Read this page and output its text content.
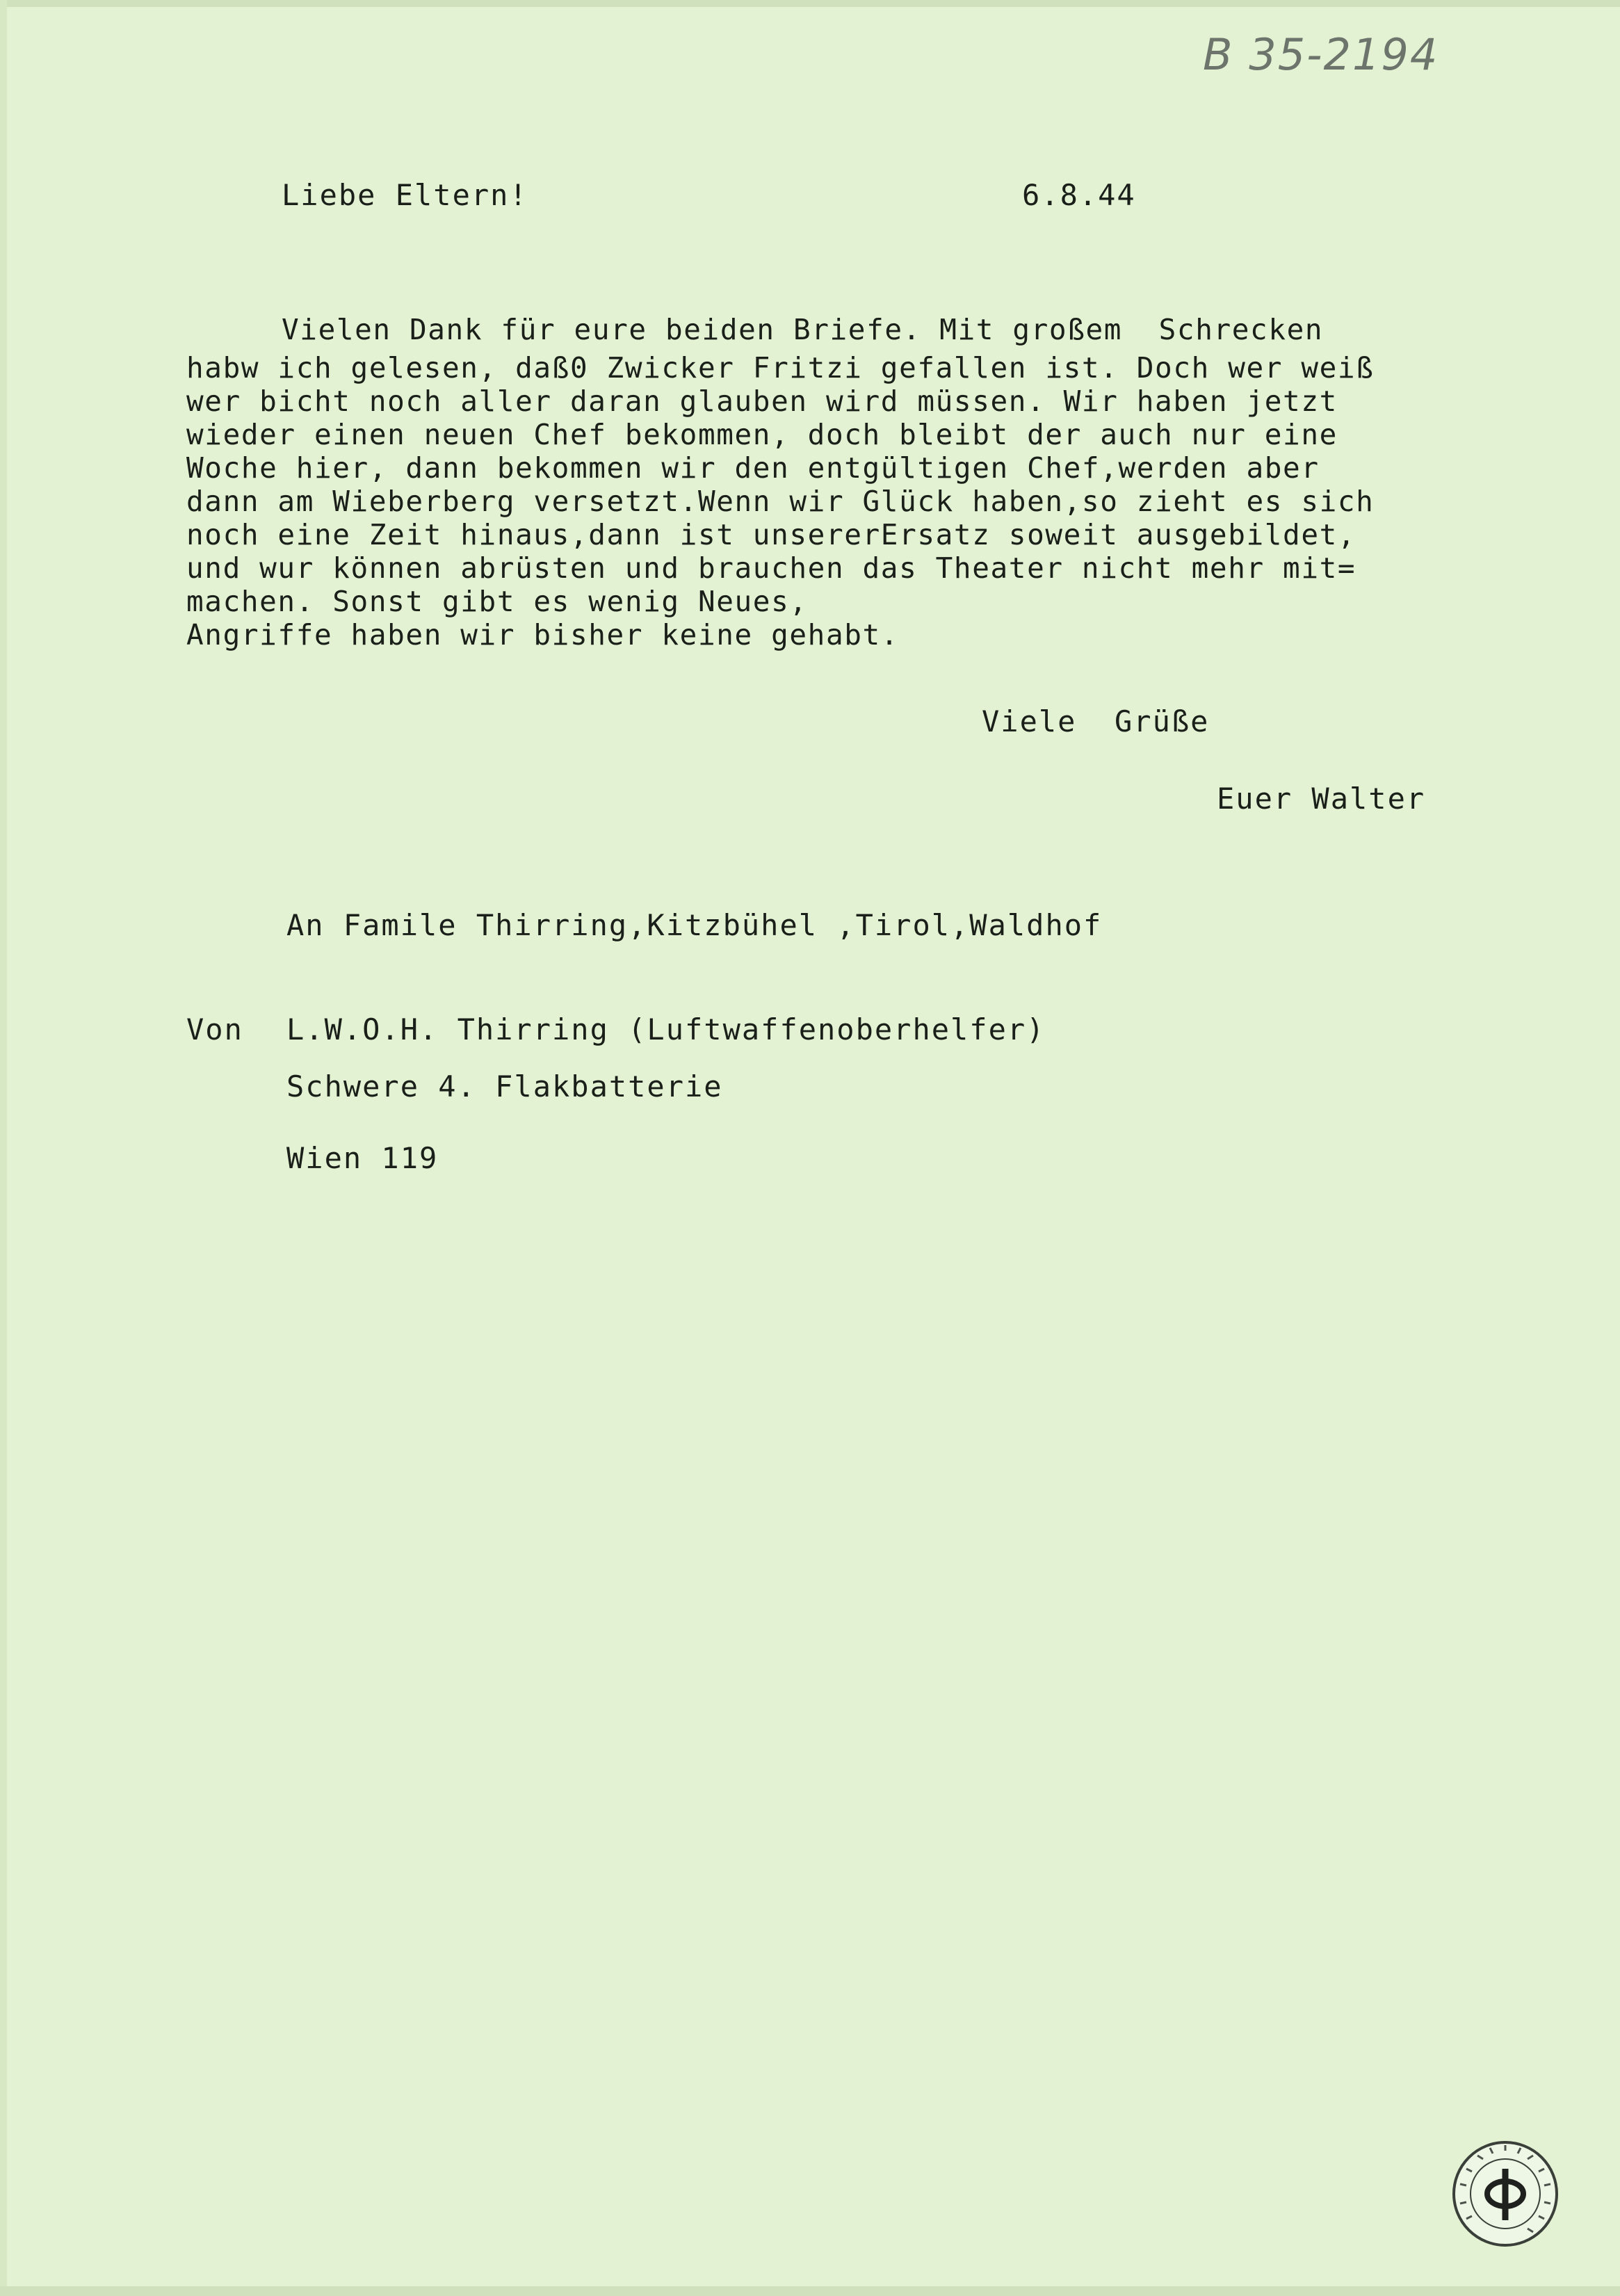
B 35-2194
Liebe Eltern!	6.8.44
Vielen Dank für eure beiden Briefe. Mit großem  Schrecken
habw ich gelesen, daß0 Zwicker Fritzi gefallen ist. Doch wer weiß
wer bicht noch aller daran glauben wird müssen. Wir haben jetzt
wieder einen neuen Chef bekommen, doch bleibt der auch nur eine
Woche hier, dann bekommen wir den entgültigen Chef,werden aber
dann am Wieberberg versetzt.Wenn wir Glück haben,so zieht es sich
noch eine Zeit hinaus,dann ist unsererErsatz soweit ausgebildet,
und wur können abrüsten und brauchen das Theater nicht mehr mit=
machen. Sonst gibt es wenig Neues,
Angriffe haben wir bisher keine gehabt.
Viele  Grüße
Euer Walter
An Famile Thirring,Kitzbühel ,Tirol,Waldhof
Von L.W.O.H. Thirring (Luftwaffenoberhelfer)
Schwere 4. Flakbatterie
Wien 119
